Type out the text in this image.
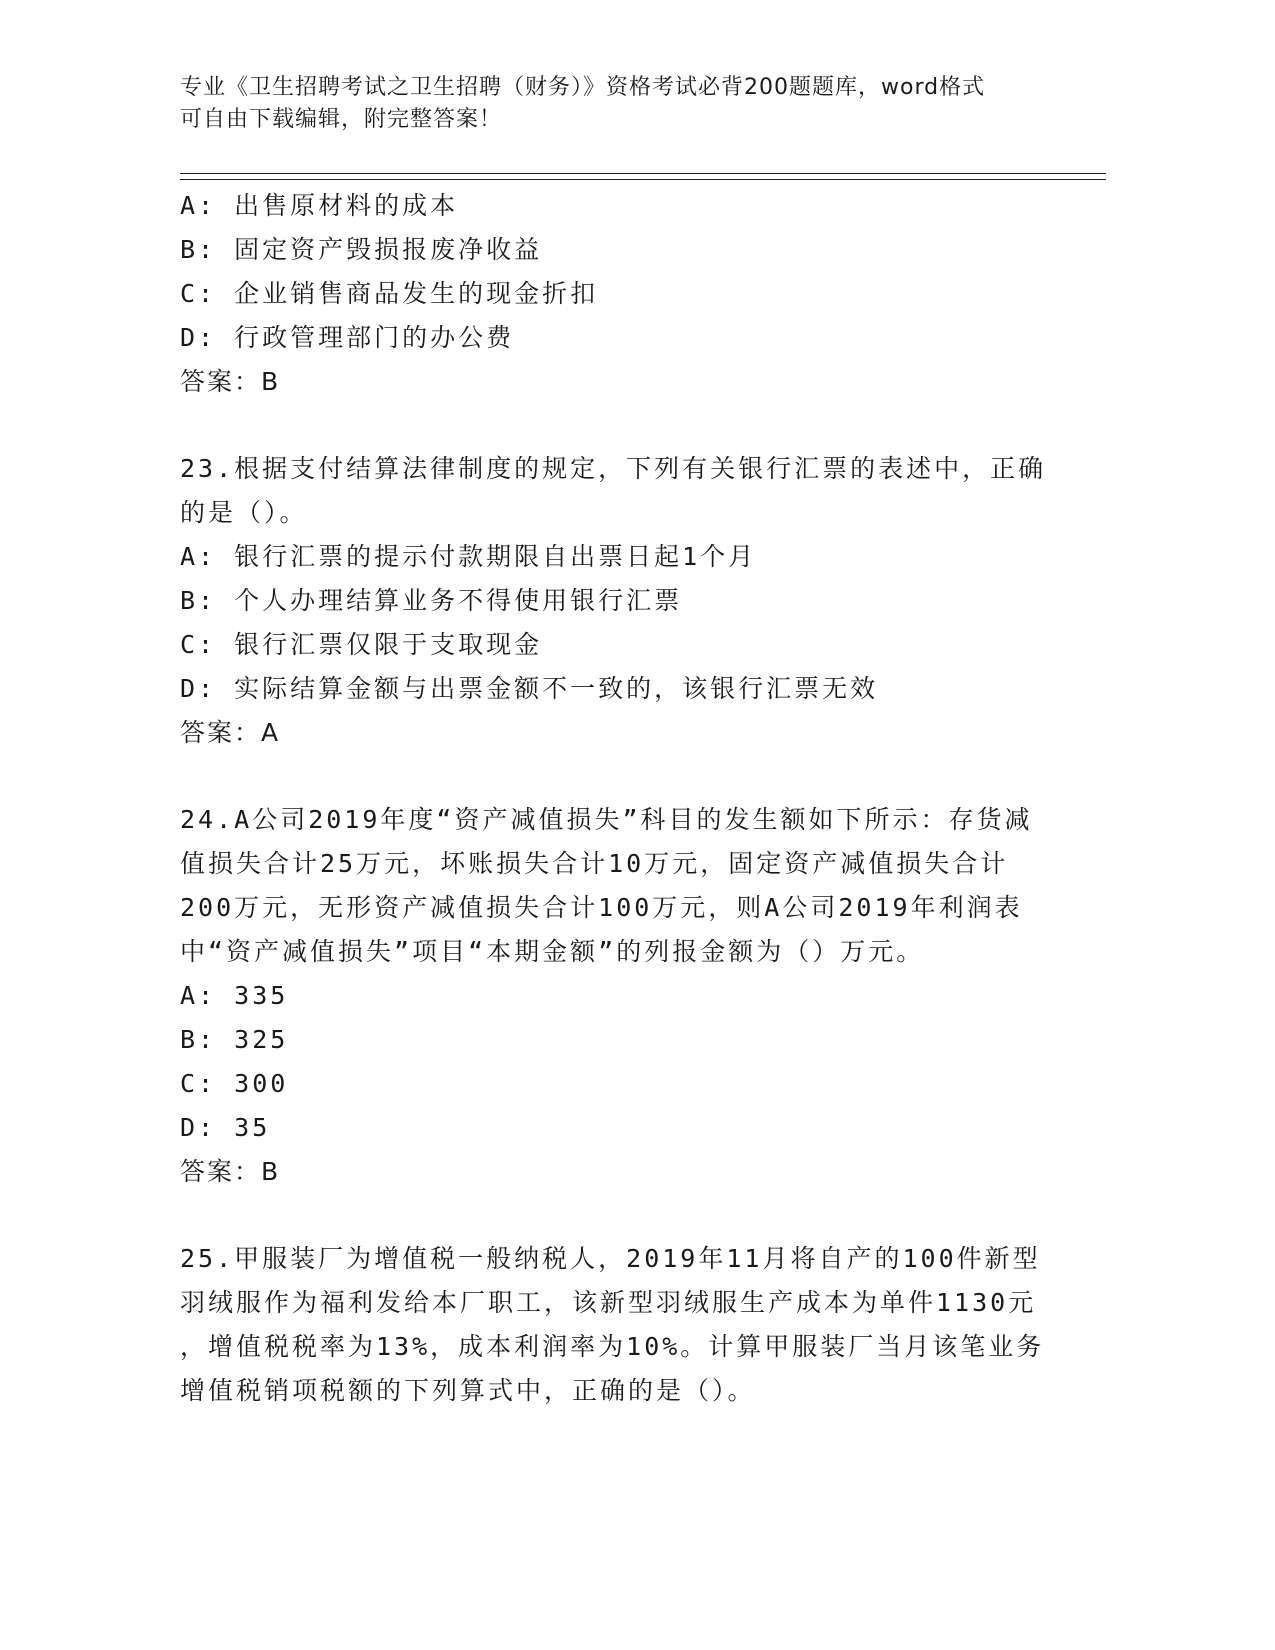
专业《卫生招聘考试之卫生招聘（财务）》资格考试必背200题题库，word格式
可自由下载编辑，附完整答案！
A: 出售原材料的成本
B: 固定资产毁损报废净收益
C: 企业销售商品发生的现金折扣
D: 行政管理部门的办公费
答案：B
23.根据支付结算法律制度的规定，下列有关银行汇票的表述中，正确
的是（）。
A: 银行汇票的提示付款期限自出票日起1个月
B: 个人办理结算业务不得使用银行汇票
C: 银行汇票仅限于支取现金
D: 实际结算金额与出票金额不一致的，该银行汇票无效
答案：A
24.A公司2019年度“资产减值损失”科目的发生额如下所示：存货减
值损失合计25万元，坏账损失合计10万元，固定资产减值损失合计
200万元，无形资产减值损失合计100万元，则A公司2019年利润表
中“资产减值损失”项目“本期金额”的列报金额为（）万元。
A: 335
B: 325
C: 300
D: 35
答案：B
25.甲服装厂为增值税一般纳税人，2019年11月将自产的100件新型
羽绒服作为福利发给本厂职工，该新型羽绒服生产成本为单件1130元
，增值税税率为13%，成本利润率为10%。计算甲服装厂当月该笔业务
增值税销项税额的下列算式中，正确的是（）。
